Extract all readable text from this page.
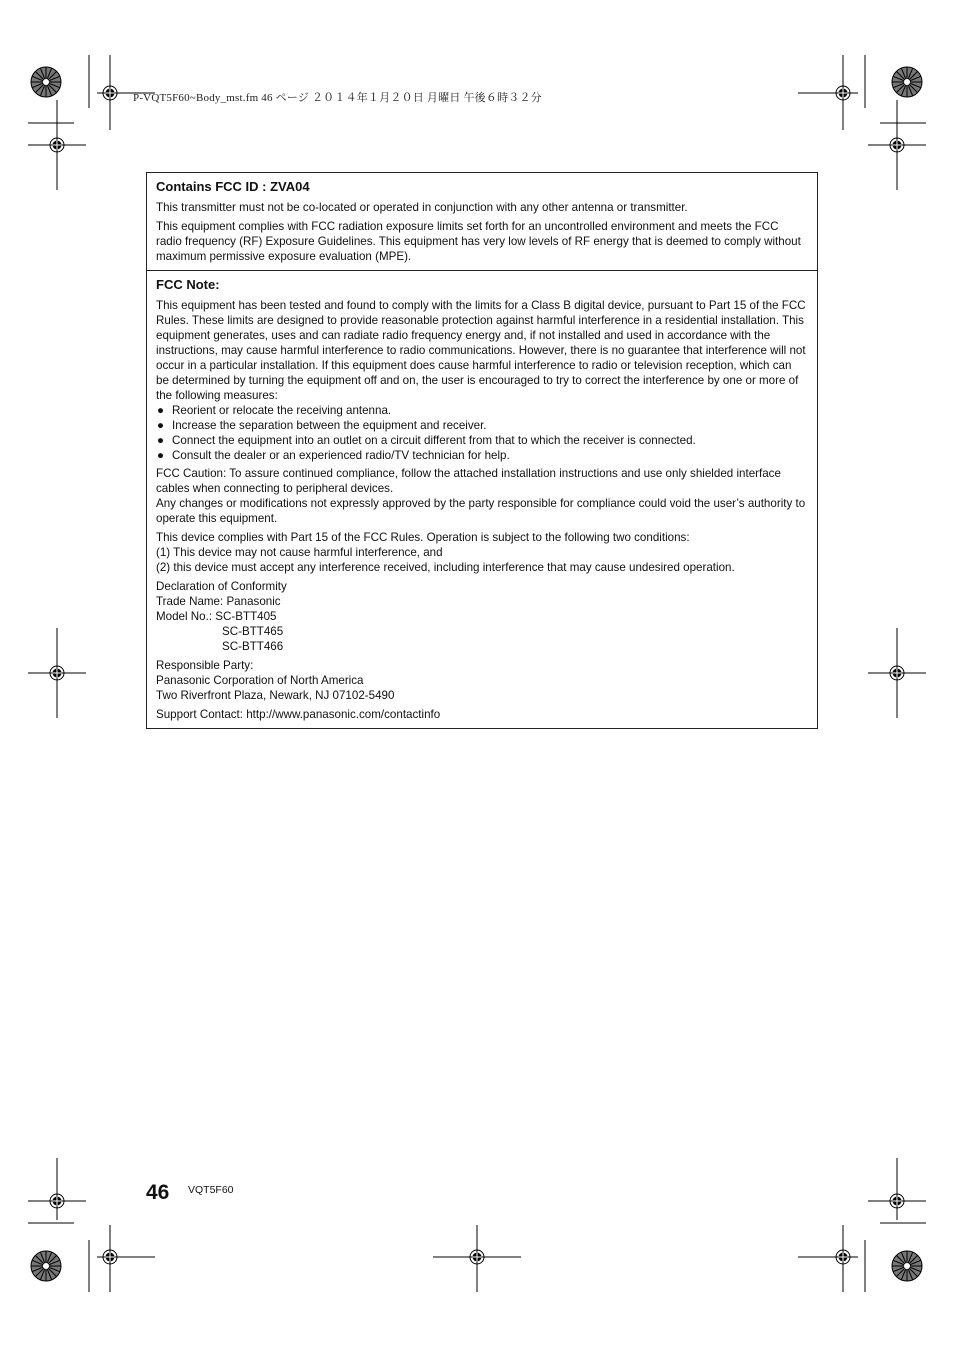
P-VQT5F60~Body_mst.fm 46 ページ ２０１４年１月２０日 月曜日 午後６時３２分
Contains FCC ID : ZVA04

This transmitter must not be co-located or operated in conjunction with any other antenna or transmitter.

This equipment complies with FCC radiation exposure limits set forth for an uncontrolled environment and meets the FCC radio frequency (RF) Exposure Guidelines. This equipment has very low levels of RF energy that is deemed to comply without maximum permissive exposure evaluation (MPE).

FCC Note:

This equipment has been tested and found to comply with the limits for a Class B digital device, pursuant to Part 15 of the FCC Rules. These limits are designed to provide reasonable protection against harmful interference in a residential installation. This equipment generates, uses and can radiate radio frequency energy and, if not installed and used in accordance with the instructions, may cause harmful interference to radio communications. However, there is no guarantee that interference will not occur in a particular installation. If this equipment does cause harmful interference to radio or television reception, which can be determined by turning the equipment off and on, the user is encouraged to try to correct the interference by one or more of the following measures:

● Reorient or relocate the receiving antenna.
● Increase the separation between the equipment and receiver.
● Connect the equipment into an outlet on a circuit different from that to which the receiver is connected.
● Consult the dealer or an experienced radio/TV technician for help.

FCC Caution: To assure continued compliance, follow the attached installation instructions and use only shielded interface cables when connecting to peripheral devices.

Any changes or modifications not expressly approved by the party responsible for compliance could void the user’s authority to operate this equipment.

This device complies with Part 15 of the FCC Rules. Operation is subject to the following two conditions:

(1) This device may not cause harmful interference, and

(2) this device must accept any interference received, including interference that may cause undesired operation.

Declaration of Conformity

Trade Name: Panasonic

Model No.: SC-BTT405

SC-BTT465

SC-BTT466

Responsible Party:

Panasonic Corporation of North America

Two Riverfront Plaza, Newark, NJ 07102-5490

Support Contact: http://www.panasonic.com/contactinfo

46 VQT5F60
